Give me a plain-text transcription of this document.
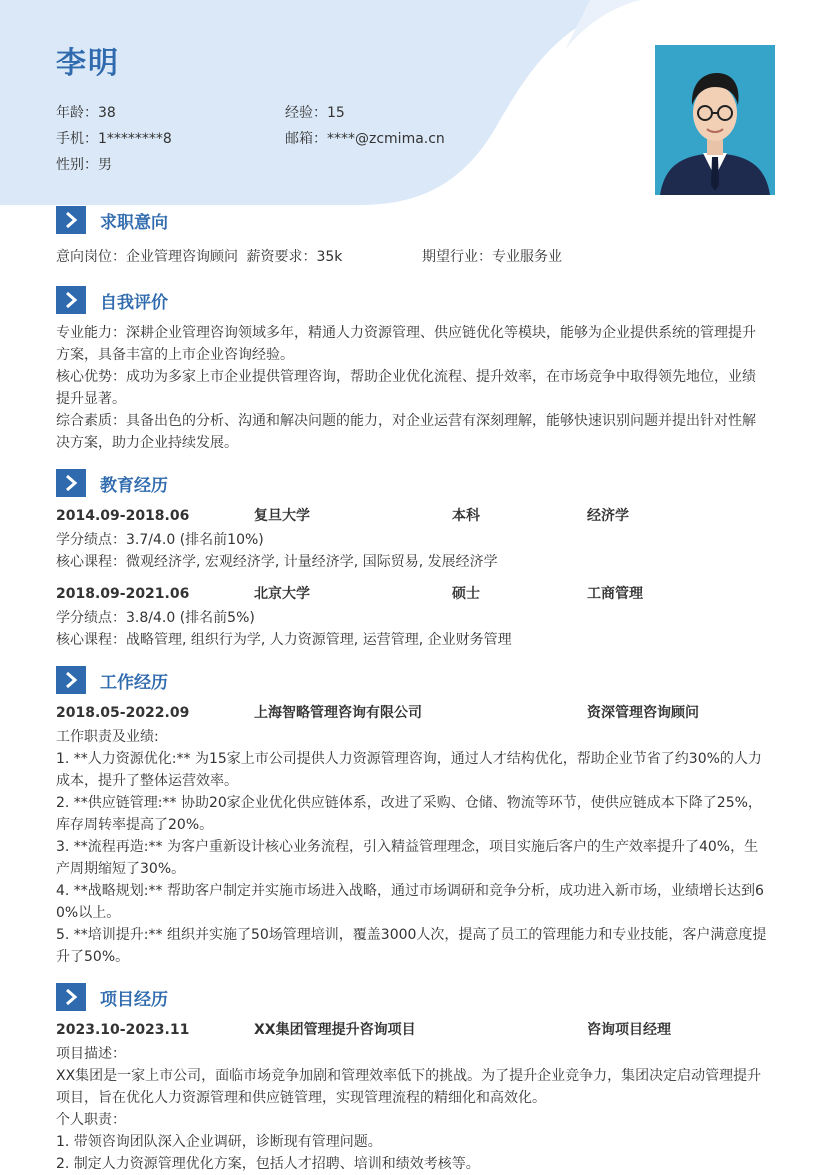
李明
年龄：38	经验：15
手机：1********8	邮箱：****@zcmima.cn
性别：男
求职意向
意向岗位：企业管理咨询顾问 薪资要求：35k	期望行业：专业服务业
自我评价
专业能力：深耕企业管理咨询领域多年，精通人力资源管理、供应链优化等模块，能够为企业提供系统的管理提升方案，具备丰富的上市企业咨询经验。
核心优势：成功为多家上市企业提供管理咨询，帮助企业优化流程、提升效率，在市场竞争中取得领先地位，业绩提升显著。
综合素质：具备出色的分析、沟通和解决问题的能力，对企业运营有深刻理解，能够快速识别问题并提出针对性解决方案，助力企业持续发展。
教育经历
2014.09-2018.06	复旦大学	本科	经济学
学分绩点：3.7/4.0 (排名前10%)
核心课程：微观经济学, 宏观经济学, 计量经济学, 国际贸易, 发展经济学
2018.09-2021.06	北京大学	硕士	工商管理
学分绩点：3.8/4.0 (排名前5%)
核心课程：战略管理, 组织行为学, 人力资源管理, 运营管理, 企业财务管理
工作经历
2018.05-2022.09	上海智略管理咨询有限公司	资深管理咨询顾问
工作职责及业绩:
1. **人力资源优化:** 为15家上市公司提供人力资源管理咨询，通过人才结构优化，帮助企业节省了约30%的人力成本，提升了整体运营效率。
2. **供应链管理:** 协助20家企业优化供应链体系，改进了采购、仓储、物流等环节，使供应链成本下降了25%，库存周转率提高了20%。
3. **流程再造:** 为客户重新设计核心业务流程，引入精益管理理念，项目实施后客户的生产效率提升了40%，生产周期缩短了30%。
4. **战略规划:** 帮助客户制定并实施市场进入战略，通过市场调研和竞争分析，成功进入新市场，业绩增长达到60%以上。
5. **培训提升:** 组织并实施了50场管理培训，覆盖3000人次，提高了员工的管理能力和专业技能，客户满意度提升了50%。
项目经历
2023.10-2023.11	XX集团管理提升咨询项目	咨询项目经理
项目描述：
XX集团是一家上市公司，面临市场竞争加剧和管理效率低下的挑战。为了提升企业竞争力，集团决定启动管理提升项目，旨在优化人力资源管理和供应链管理，实现管理流程的精细化和高效化。
个人职责：
1. 带领咨询团队深入企业调研，诊断现有管理问题。
2. 制定人力资源管理优化方案，包括人才招聘、培训和绩效考核等。
